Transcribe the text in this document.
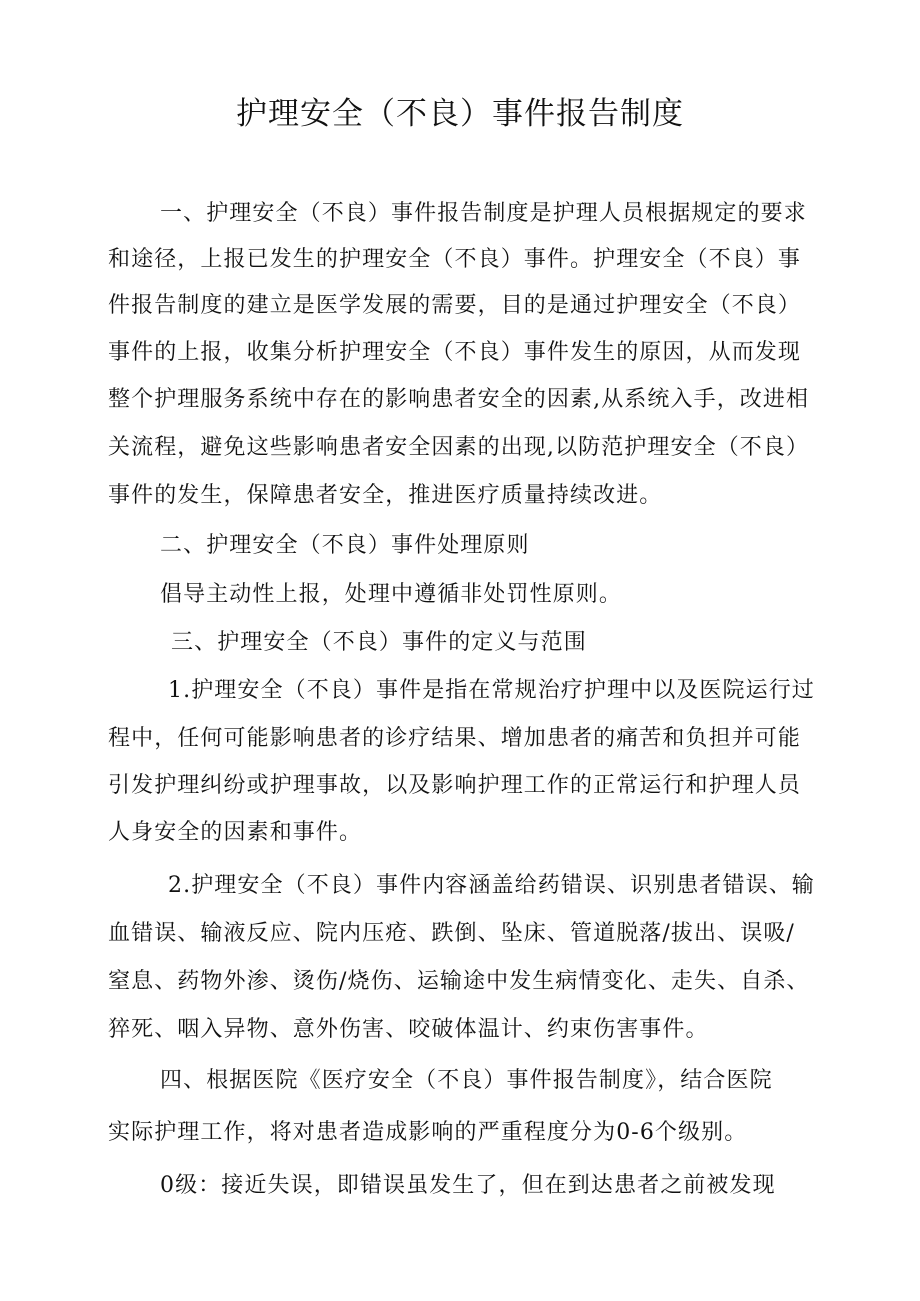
护理安全（不良）事件报告制度

一、护理安全（不良）事件报告制度是护理人员根据规定的要求

和途径，上报已发生的护理安全（不良）事件。护理安全（不良）事

件报告制度的建立是医学发展的需要，目的是通过护理安全（不良）

事件的上报，收集分析护理安全（不良）事件发生的原因，从而发现

整个护理服务系统中存在的影响患者安全的因素,从系统入手，改进相

关流程，避免这些影响患者安全因素的出现,以防范护理安全（不良）

事件的发生，保障患者安全，推进医疗质量持续改进。

二、护理安全（不良）事件处理原则

倡导主动性上报，处理中遵循非处罚性原则。

三、护理安全（不良）事件的定义与范围

1.护理安全（不良）事件是指在常规治疗护理中以及医院运行过

程中，任何可能影响患者的诊疗结果、增加患者的痛苦和负担并可能

引发护理纠纷或护理事故，以及影响护理工作的正常运行和护理人员

人身安全的因素和事件。

2.护理安全（不良）事件内容涵盖给药错误、识别患者错误、输

血错误、输液反应、院内压疮、跌倒、坠床、管道脱落/拔出、误吸/

窒息、药物外渗、烫伤/烧伤、运输途中发生病情变化、走失、自杀、

猝死、咽入异物、意外伤害、咬破体温计、约束伤害事件。

四、根据医院《医疗安全（不良）事件报告制度》，结合医院

实际护理工作，将对患者造成影响的严重程度分为0-6个级别。

0级：接近失误，即错误虽发生了，但在到达患者之前被发现
